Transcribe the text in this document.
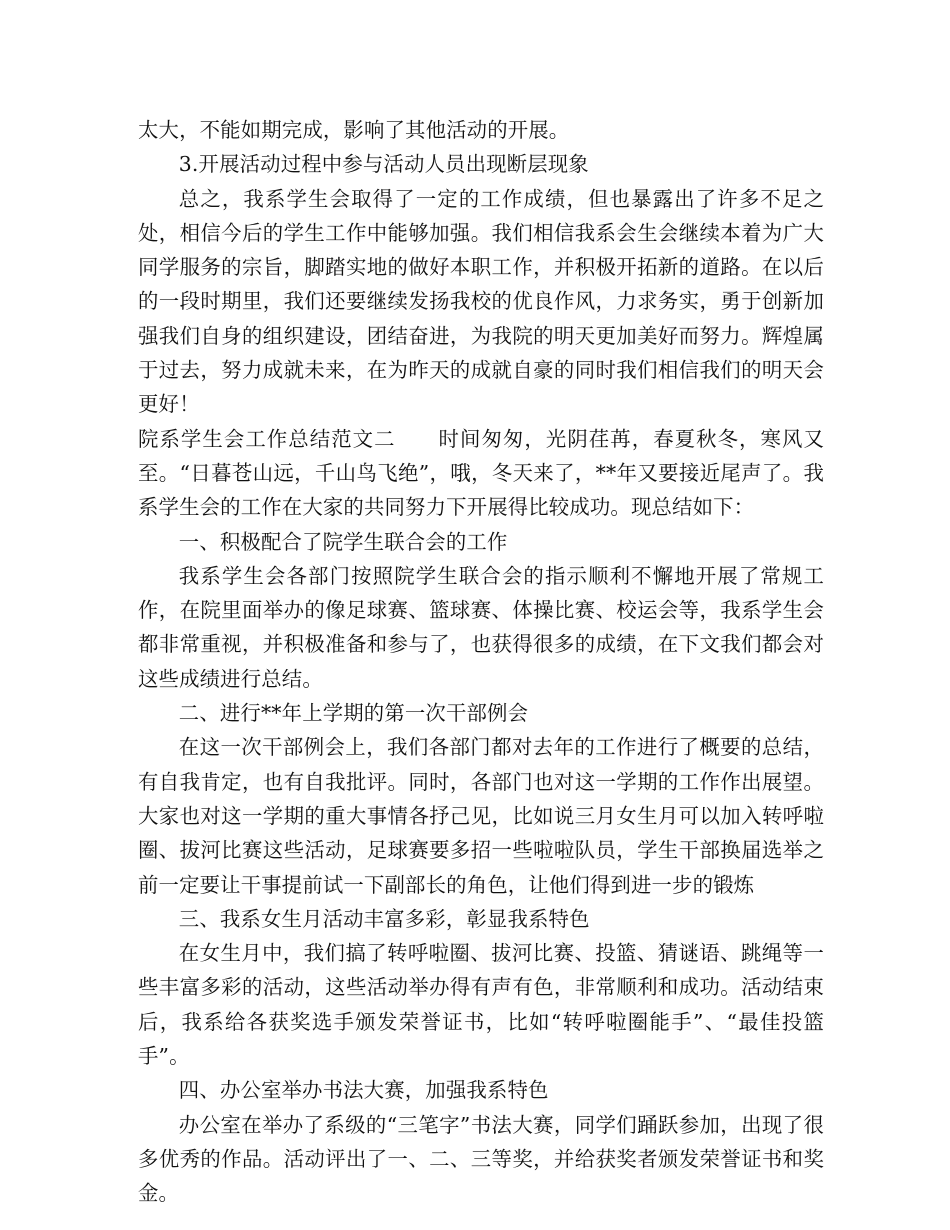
太大，不能如期完成，影响了其他活动的开展。

3.开展活动过程中参与活动人员出现断层现象

总之，我系学生会取得了一定的工作成绩，但也暴露出了许多不足之处，相信今后的学生工作中能够加强。我们相信我系会生会继续本着为广大同学服务的宗旨，脚踏实地的做好本职工作，并积极开拓新的道路。在以后的一段时期里，我们还要继续发扬我校的优良作风，力求务实，勇于创新加强我们自身的组织建设，团结奋进，为我院的明天更加美好而努力。辉煌属于过去，努力成就未来，在为昨天的成就自豪的同时我们相信我们的明天会更好！

院系学生会工作总结范文二　　时间匆匆，光阴荏苒，春夏秋冬，寒风又至。“日暮苍山远，千山鸟飞绝”，哦，冬天来了，**年又要接近尾声了。我系学生会的工作在大家的共同努力下开展得比较成功。现总结如下：

一、积极配合了院学生联合会的工作

我系学生会各部门按照院学生联合会的指示顺利不懈地开展了常规工作，在院里面举办的像足球赛、篮球赛、体操比赛、校运会等，我系学生会都非常重视，并积极准备和参与了，也获得很多的成绩，在下文我们都会对这些成绩进行总结。

二、进行**年上学期的第一次干部例会

在这一次干部例会上，我们各部门都对去年的工作进行了概要的总结，有自我肯定，也有自我批评。同时，各部门也对这一学期的工作作出展望。大家也对这一学期的重大事情各抒己见，比如说三月女生月可以加入转呼啦圈、拔河比赛这些活动，足球赛要多招一些啦啦队员，学生干部换届选举之前一定要让干事提前试一下副部长的角色，让他们得到进一步的锻炼

三、我系女生月活动丰富多彩，彰显我系特色

在女生月中，我们搞了转呼啦圈、拔河比赛、投篮、猜谜语、跳绳等一些丰富多彩的活动，这些活动举办得有声有色，非常顺利和成功。活动结束后，我系给各获奖选手颁发荣誉证书，比如“转呼啦圈能手”、“最佳投篮手”。

四、办公室举办书法大赛，加强我系特色

办公室在举办了系级的“三笔字”书法大赛，同学们踊跃参加，出现了很多优秀的作品。活动评出了一、二、三等奖，并给获奖者颁发荣誉证书和奖金。
